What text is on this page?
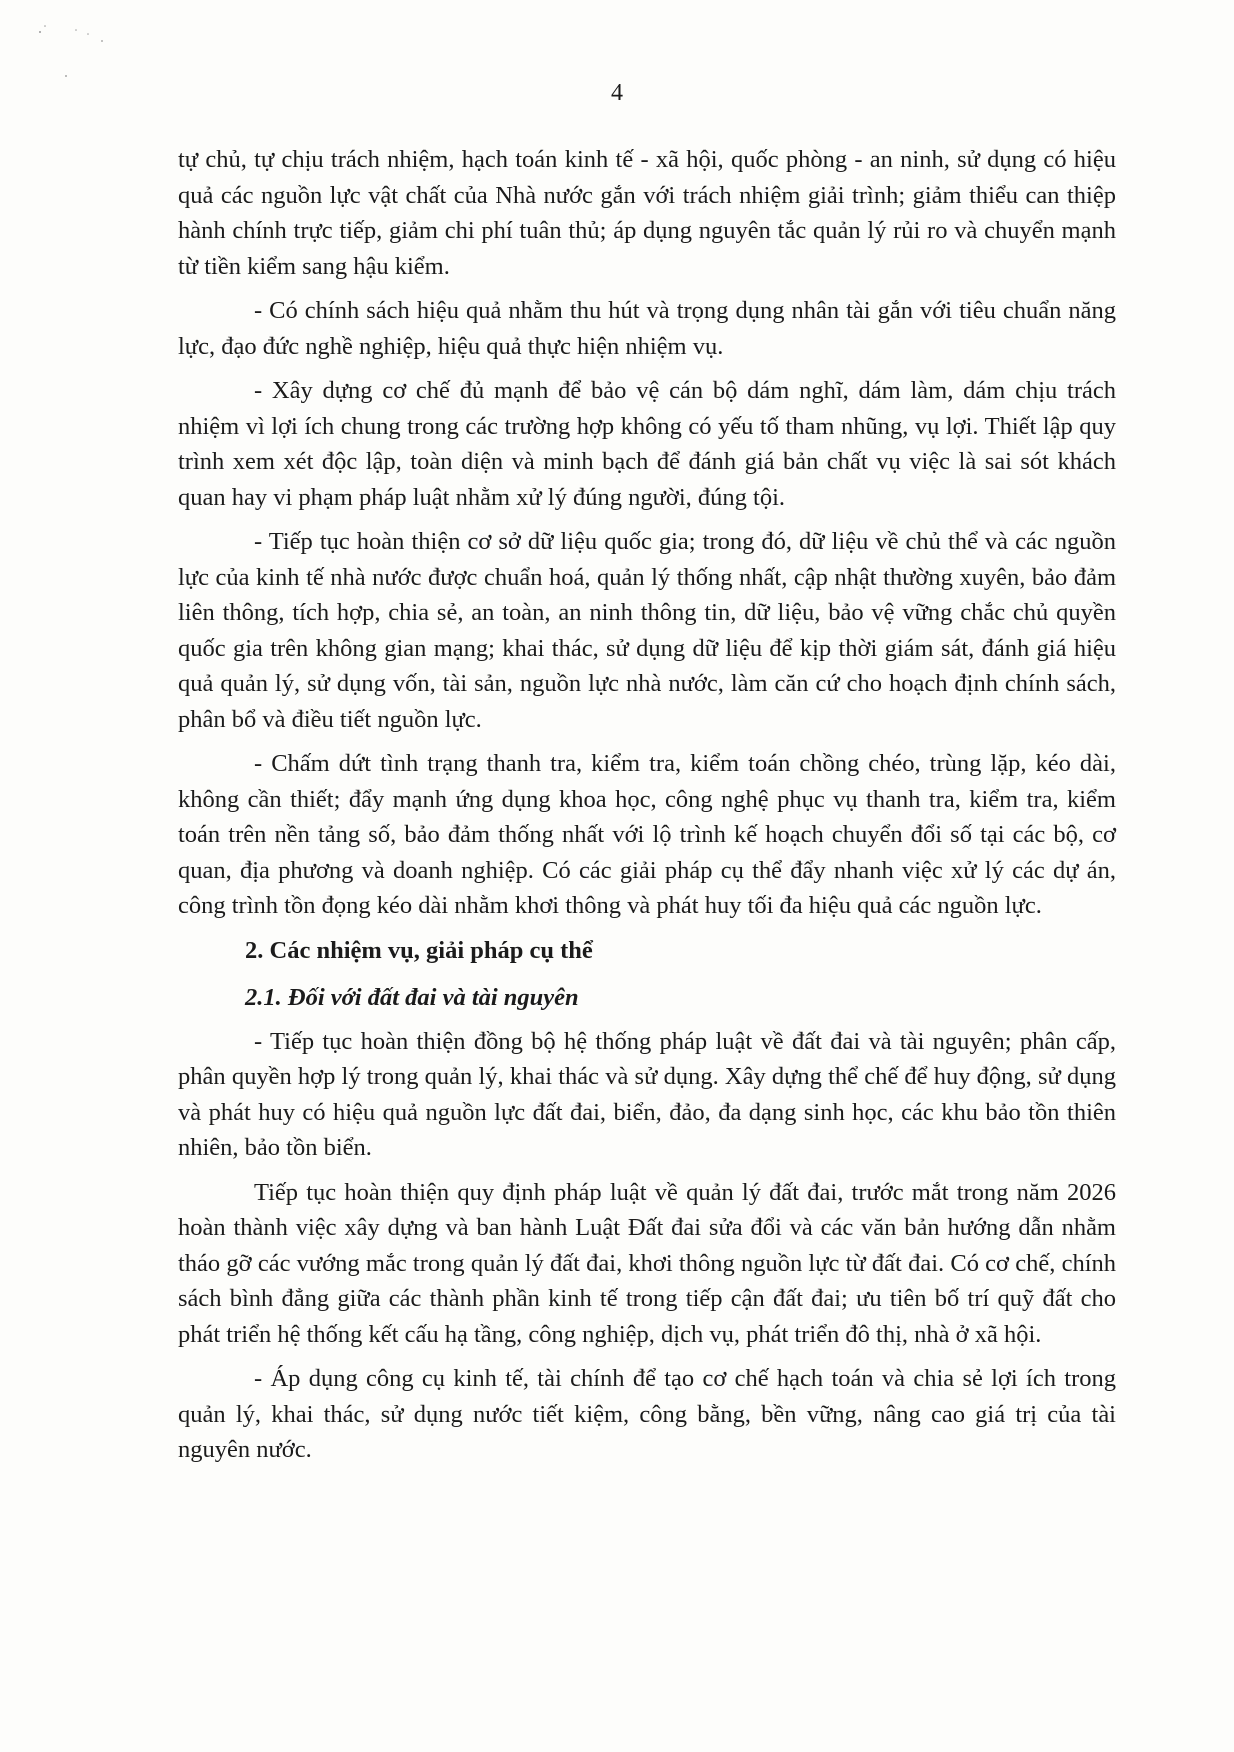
4

tự chủ, tự chịu trách nhiệm, hạch toán kinh tế - xã hội, quốc phòng - an ninh, sử dụng có hiệu quả các nguồn lực vật chất của Nhà nước gắn với trách nhiệm giải trình; giảm thiểu can thiệp hành chính trực tiếp, giảm chi phí tuân thủ; áp dụng nguyên tắc quản lý rủi ro và chuyển mạnh từ tiền kiểm sang hậu kiểm.

- Có chính sách hiệu quả nhằm thu hút và trọng dụng nhân tài gắn với tiêu chuẩn năng lực, đạo đức nghề nghiệp, hiệu quả thực hiện nhiệm vụ.

- Xây dựng cơ chế đủ mạnh để bảo vệ cán bộ dám nghĩ, dám làm, dám chịu trách nhiệm vì lợi ích chung trong các trường hợp không có yếu tố tham nhũng, vụ lợi. Thiết lập quy trình xem xét độc lập, toàn diện và minh bạch để đánh giá bản chất vụ việc là sai sót khách quan hay vi phạm pháp luật nhằm xử lý đúng người, đúng tội.

- Tiếp tục hoàn thiện cơ sở dữ liệu quốc gia; trong đó, dữ liệu về chủ thể và các nguồn lực của kinh tế nhà nước được chuẩn hoá, quản lý thống nhất, cập nhật thường xuyên, bảo đảm liên thông, tích hợp, chia sẻ, an toàn, an ninh thông tin, dữ liệu, bảo vệ vững chắc chủ quyền quốc gia trên không gian mạng; khai thác, sử dụng dữ liệu để kịp thời giám sát, đánh giá hiệu quả quản lý, sử dụng vốn, tài sản, nguồn lực nhà nước, làm căn cứ cho hoạch định chính sách, phân bổ và điều tiết nguồn lực.

- Chấm dứt tình trạng thanh tra, kiểm tra, kiểm toán chồng chéo, trùng lặp, kéo dài, không cần thiết; đẩy mạnh ứng dụng khoa học, công nghệ phục vụ thanh tra, kiểm tra, kiểm toán trên nền tảng số, bảo đảm thống nhất với lộ trình kế hoạch chuyển đổi số tại các bộ, cơ quan, địa phương và doanh nghiệp. Có các giải pháp cụ thể đẩy nhanh việc xử lý các dự án, công trình tồn đọng kéo dài nhằm khơi thông và phát huy tối đa hiệu quả các nguồn lực.

2. Các nhiệm vụ, giải pháp cụ thể

2.1. Đối với đất đai và tài nguyên

- Tiếp tục hoàn thiện đồng bộ hệ thống pháp luật về đất đai và tài nguyên; phân cấp, phân quyền hợp lý trong quản lý, khai thác và sử dụng. Xây dựng thể chế để huy động, sử dụng và phát huy có hiệu quả nguồn lực đất đai, biển, đảo, đa dạng sinh học, các khu bảo tồn thiên nhiên, bảo tồn biển.

Tiếp tục hoàn thiện quy định pháp luật về quản lý đất đai, trước mắt trong năm 2026 hoàn thành việc xây dựng và ban hành Luật Đất đai sửa đổi và các văn bản hướng dẫn nhằm tháo gỡ các vướng mắc trong quản lý đất đai, khơi thông nguồn lực từ đất đai. Có cơ chế, chính sách bình đẳng giữa các thành phần kinh tế trong tiếp cận đất đai; ưu tiên bố trí quỹ đất cho phát triển hệ thống kết cấu hạ tầng, công nghiệp, dịch vụ, phát triển đô thị, nhà ở xã hội.

- Áp dụng công cụ kinh tế, tài chính để tạo cơ chế hạch toán và chia sẻ lợi ích trong quản lý, khai thác, sử dụng nước tiết kiệm, công bằng, bền vững, nâng cao giá trị của tài nguyên nước.
